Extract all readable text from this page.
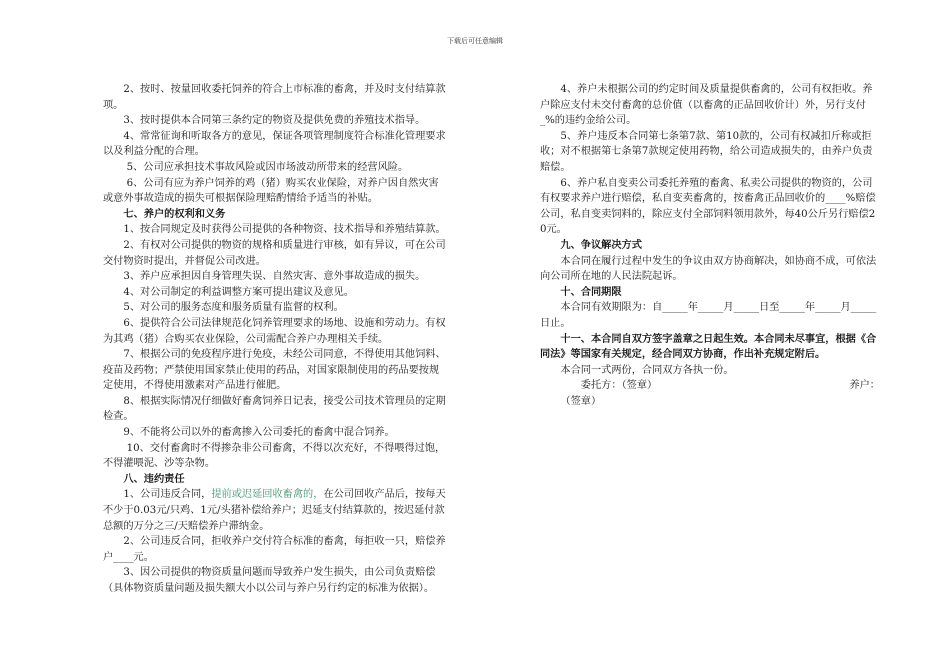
下载后可任意编辑

2、按时、按量回收委托饲养的符合上市标准的畜禽，并及时支付结算款项。

3、按时提供本合同第三条约定的物资及提供免费的养殖技术指导。

4、常常征询和听取各方的意见，保证各项管理制度符合标准化管理要求以及利益分配的合理。

5、公司应承担技术事故风险或因市场波动所带来的经营风险。

6、公司有应为养户饲养的鸡（猪）购买农业保险，对养户因自然灾害或意外事故造成的损失可根据保险理赔酌情给予适当的补贴。

七、养户的权利和义务

1、按合同规定及时获得公司提供的各种物资、技术指导和养殖结算款。

2、有权对公司提供的物资的规格和质量进行审核，如有异议，可在公司交付物资时提出，并督促公司改进。

3、养户应承担因自身管理失误、自然灾害、意外事故造成的损失。

4、对公司制定的利益调整方案可提出建议及意见。

5、对公司的服务态度和服务质量有监督的权利。

6、提供符合公司法律规范化饲养管理要求的场地、设施和劳动力。有权为其鸡（猪）合购买农业保险，公司需配合养户办理相关手续。

7、根据公司的免疫程序进行免疫，未经公司同意，不得使用其他饲料、疫苗及药物；严禁使用国家禁止使用的药品，对国家限制使用的药品要按规定使用，不得使用激素对产品进行催肥。

8、根据实际情况仔细做好畜禽饲养日记表，接受公司技术管理员的定期检查。

9、不能将公司以外的畜禽掺入公司委托的畜禽中混合饲养。

10、交付畜禽时不得掺杂非公司畜禽，不得以次充好，不得喂得过饱，不得灌喂泥、沙等杂物。

八、违约责任

1、公司违反合同，提前或迟延回收畜禽的，在公司回收产品后，按每天不少于0.03元/只鸡、1元/头猪补偿给养户；迟延支付结算款的，按迟延付款总额的万分之三/天赔偿养户滞纳金。

2、公司违反合同，拒收养户交付符合标准的畜禽，每拒收一只，赔偿养户____元。

3、因公司提供的物资质量问题而导致养户发生损失，由公司负责赔偿（具体物资质量问题及损失额大小以公司与养户另行约定的标准为依据）。

4、养户未根据公司的约定时间及质量提供畜禽的，公司有权拒收。养户除应支付未交付畜禽的总价值（以畜禽的正品回收价计）外，另行支付_%的违约金给公司。

5、养户违反本合同第七条第7款、第10款的，公司有权减扣斤称或拒收；对不根据第七条第7款规定使用药物，给公司造成损失的，由养户负责赔偿。

6、养户私自变卖公司委托养殖的畜禽、私卖公司提供的物资的，公司有权要求养户进行赔偿，私自变卖畜禽的，按畜禽正品回收价的____%赔偿公司，私自变卖饲料的，除应支付全部饲料领用款外，每40公斤另行赔偿20元。

九、争议解决方式

本合同在履行过程中发生的争议由双方协商解决，如协商不成，可依法向公司所在地的人民法院起诉。

十、合同期限

本合同有效期限为：自_____年_____月_____日至_____年_____月_____日止。

十一、本合同自双方签字盖章之日起生效。本合同未尽事宜，根据《合同法》等国家有关规定，经合同双方协商，作出补充规定附后。

本合同一式两份，合同双方各执一份。

委托方：（签章）	养户：

（签章）
